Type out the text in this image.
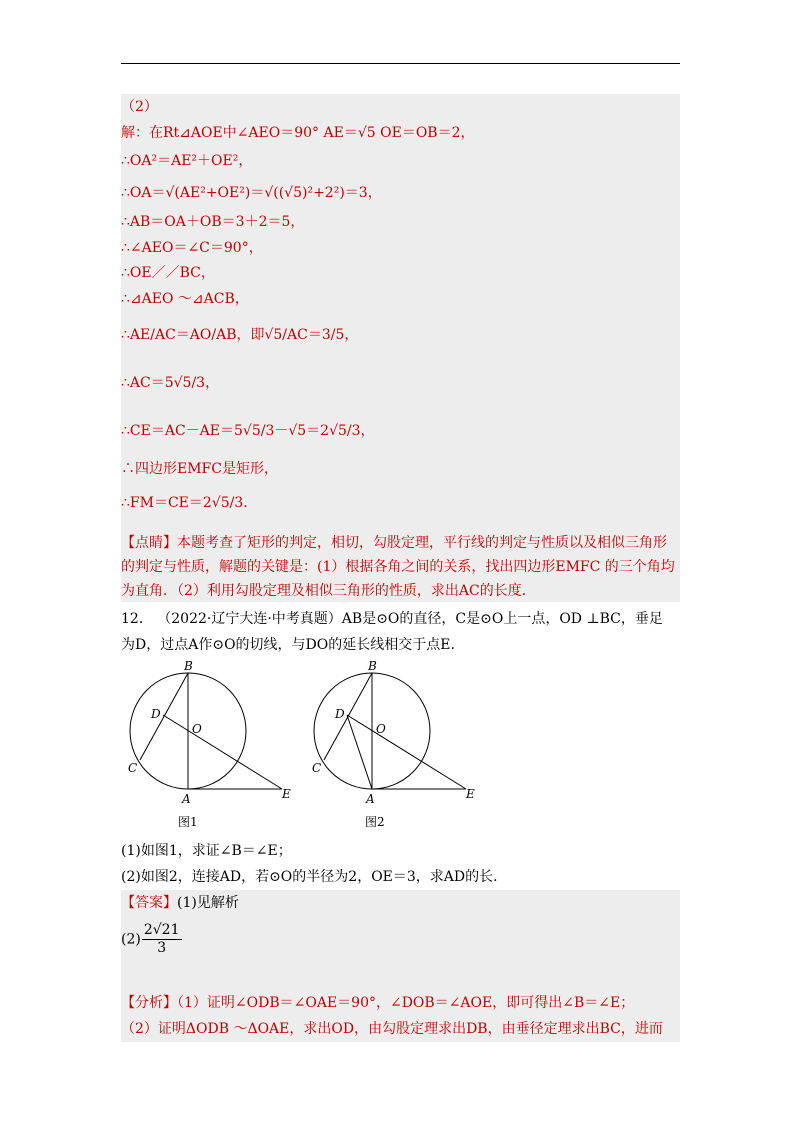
（2）
解：在Rt⊿AOE中∠AEO＝90° AE＝√5 OE＝OB＝2，
∴OA²＝AE²＋OE²，
∴OA＝√(AE²+OE²)＝√((√5)²+2²)＝3，
∴AB＝OA＋OB＝3＋2＝5，
∴∠AEO＝∠C＝90°，
∴OE／／BC，
∴⊿AEO ～⊿ACB，
∴AE/AC＝AO/AB，即√5/AC＝3/5，
∴AC＝5√5/3，
∴CE＝AC－AE＝5√5/3－√5＝2√5/3，
∴四边形EMFC是矩形，
∴FM＝CE＝2√5/3．
【点睛】本题考查了矩形的判定，相切，勾股定理，平行线的判定与性质以及相似三角形
的判定与性质，解题的关键是：(1）根据各角之间的关系，找出四边形EMFC 的三个角均
为直角．（2）利用勾股定理及相似三角形的性质，求出AC的长度．
12． （2022·辽宁大连·中考真题）AB是⊙O的直径，C是⊙O上一点，OD ⊥BC，垂足
为D，过点A作⊙O的切线，与DO的延长线相交于点E．
B
D
O
C
A	E
B
D
O
C
A	E
图1	图2
(1)如图1，求证∠B＝∠E；
(2)如图2，连接AD，若⊙O的半径为2，OE＝3，求AD的长．
【答案】(1)见解析
$(2) \frac{2√21}{3}$
【分析】（1）证明∠ODB＝∠OAE＝90°，∠DOB＝∠AOE，即可得出∠B＝∠E；
（2）证明ΔODB ～ΔOAE，求出OD，由勾股定理求出DB，由垂径定理求出BC，进而
